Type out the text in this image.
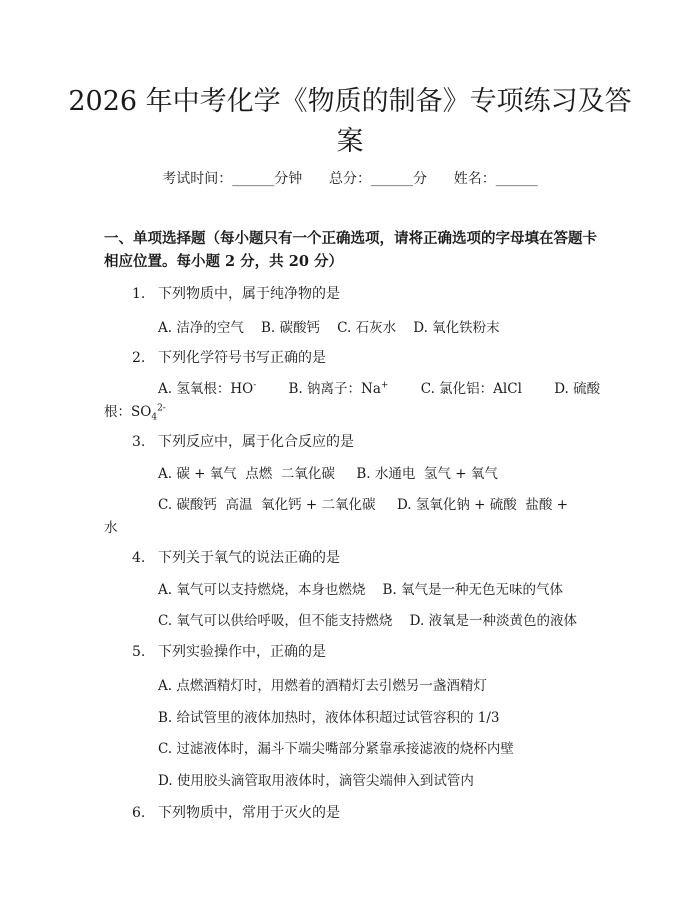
2026 年中考化学《物质的制备》专项练习及答案
考试时间：______分钟      总分：______分      姓名：______
一、单项选择题（每小题只有一个正确选项，请将正确选项的字母填在答题卡相应位置。每小题 2 分，共 20 分）
1. 下列物质中，属于纯净物的是
A. 洁净的空气    B. 碳酸钙    C. 石灰水    D. 氧化铁粉末
2. 下列化学符号书写正确的是
A. 氢氧根：HO- B. 钠离子：Na+ C. 氯化铝：AlCl D. 硫酸
根：$SO_4^{2-}$
3. 下列反应中，属于化合反应的是
A. 碳 + 氧气  点燃  二氧化碳     B. 水通电  氢气 + 氧气
C. 碳酸钙  高温  氧化钙 + 二氧化碳     D. 氢氧化钠 + 硫酸  盐酸 +
水
4. 下列关于氧气的说法正确的是
A. 氧气可以支持燃烧，本身也燃烧    B. 氧气是一种无色无味的气体
C. 氧气可以供给呼吸，但不能支持燃烧    D. 液氧是一种淡黄色的液体
5. 下列实验操作中，正确的是
A. 点燃酒精灯时，用燃着的酒精灯去引燃另一盏酒精灯
B. 给试管里的液体加热时，液体体积超过试管容积的 1/3
C. 过滤液体时，漏斗下端尖嘴部分紧靠承接滤液的烧杯内壁
D. 使用胶头滴管取用液体时，滴管尖端伸入到试管内
6. 下列物质中，常用于灭火的是
